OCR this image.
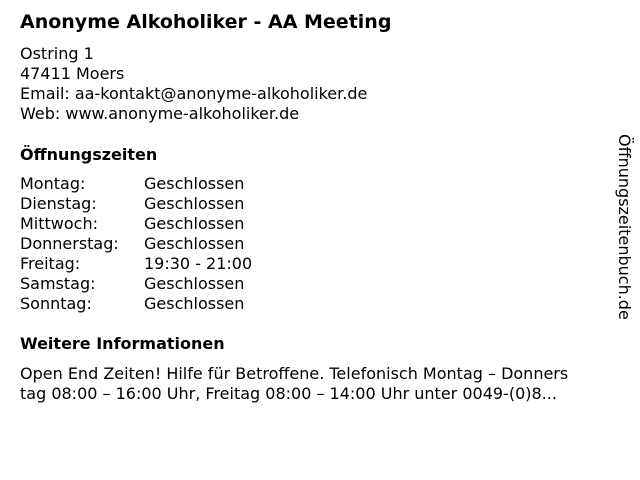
Anonyme Alkoholiker - AA Meeting
Ostring 1
47411 Moers
Email: aa-kontakt@anonyme-alkoholiker.de
Web: www.anonyme-alkoholiker.de
Öffnungszeiten
Montag:	Geschlossen
Dienstag:	Geschlossen
Mittwoch:	Geschlossen
Donnerstag:	Geschlossen
Freitag:	19:30 - 21:00
Samstag:	Geschlossen
Sonntag:	Geschlossen
Weitere Informationen
Open End Zeiten! Hilfe für Betroffene. Telefonisch Montag – Donners
tag 08:00 – 16:00 Uhr, Freitag 08:00 – 14:00 Uhr unter 0049-(0)8...
Öffnungszeitenbuch.de
